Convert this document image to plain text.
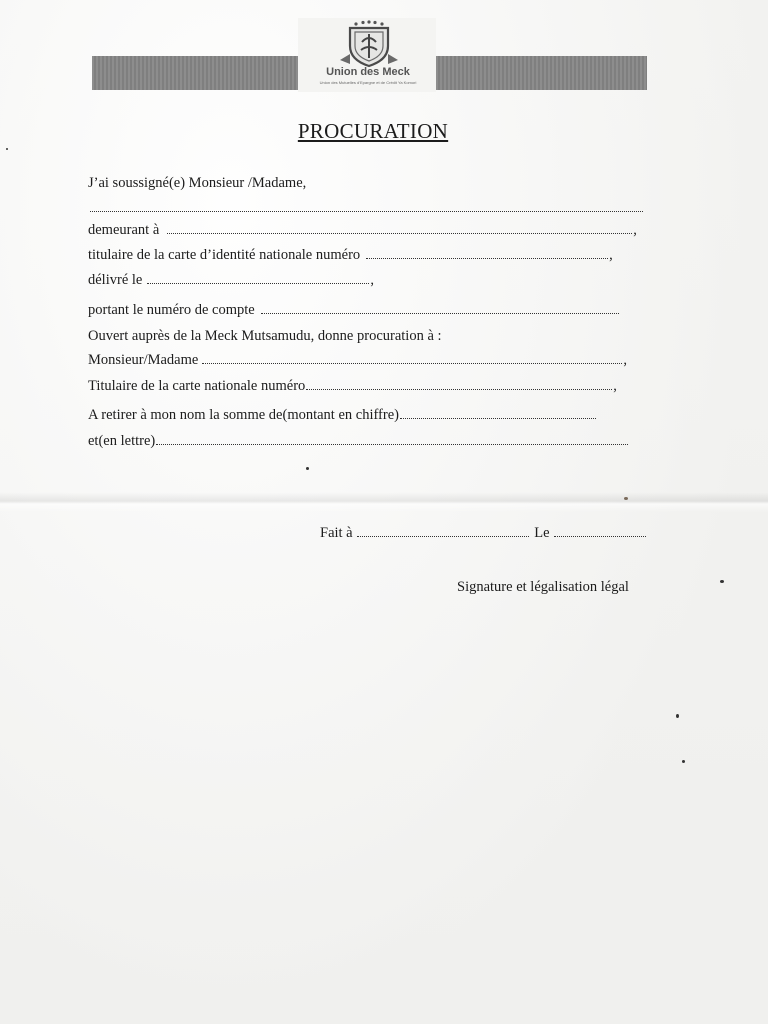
Union des Meck
Union des Mutuelles d'Epargne et de Crédit Ya Komori
PROCURATION
J’ai soussigné(e) Monsieur /Madame,
demeurant à	,
titulaire de la carte d’identité nationale numéro	,
délivré le	,
portant le numéro de compte
Ouvert auprès de la Meck Mutsamudu, donne procuration à :
Monsieur/Madame	,
Titulaire de la carte nationale numéro	,
A retirer à mon nom la somme de(montant en chiffre)
et(en lettre)
Fait à	Le
Signature et légalisation légal
